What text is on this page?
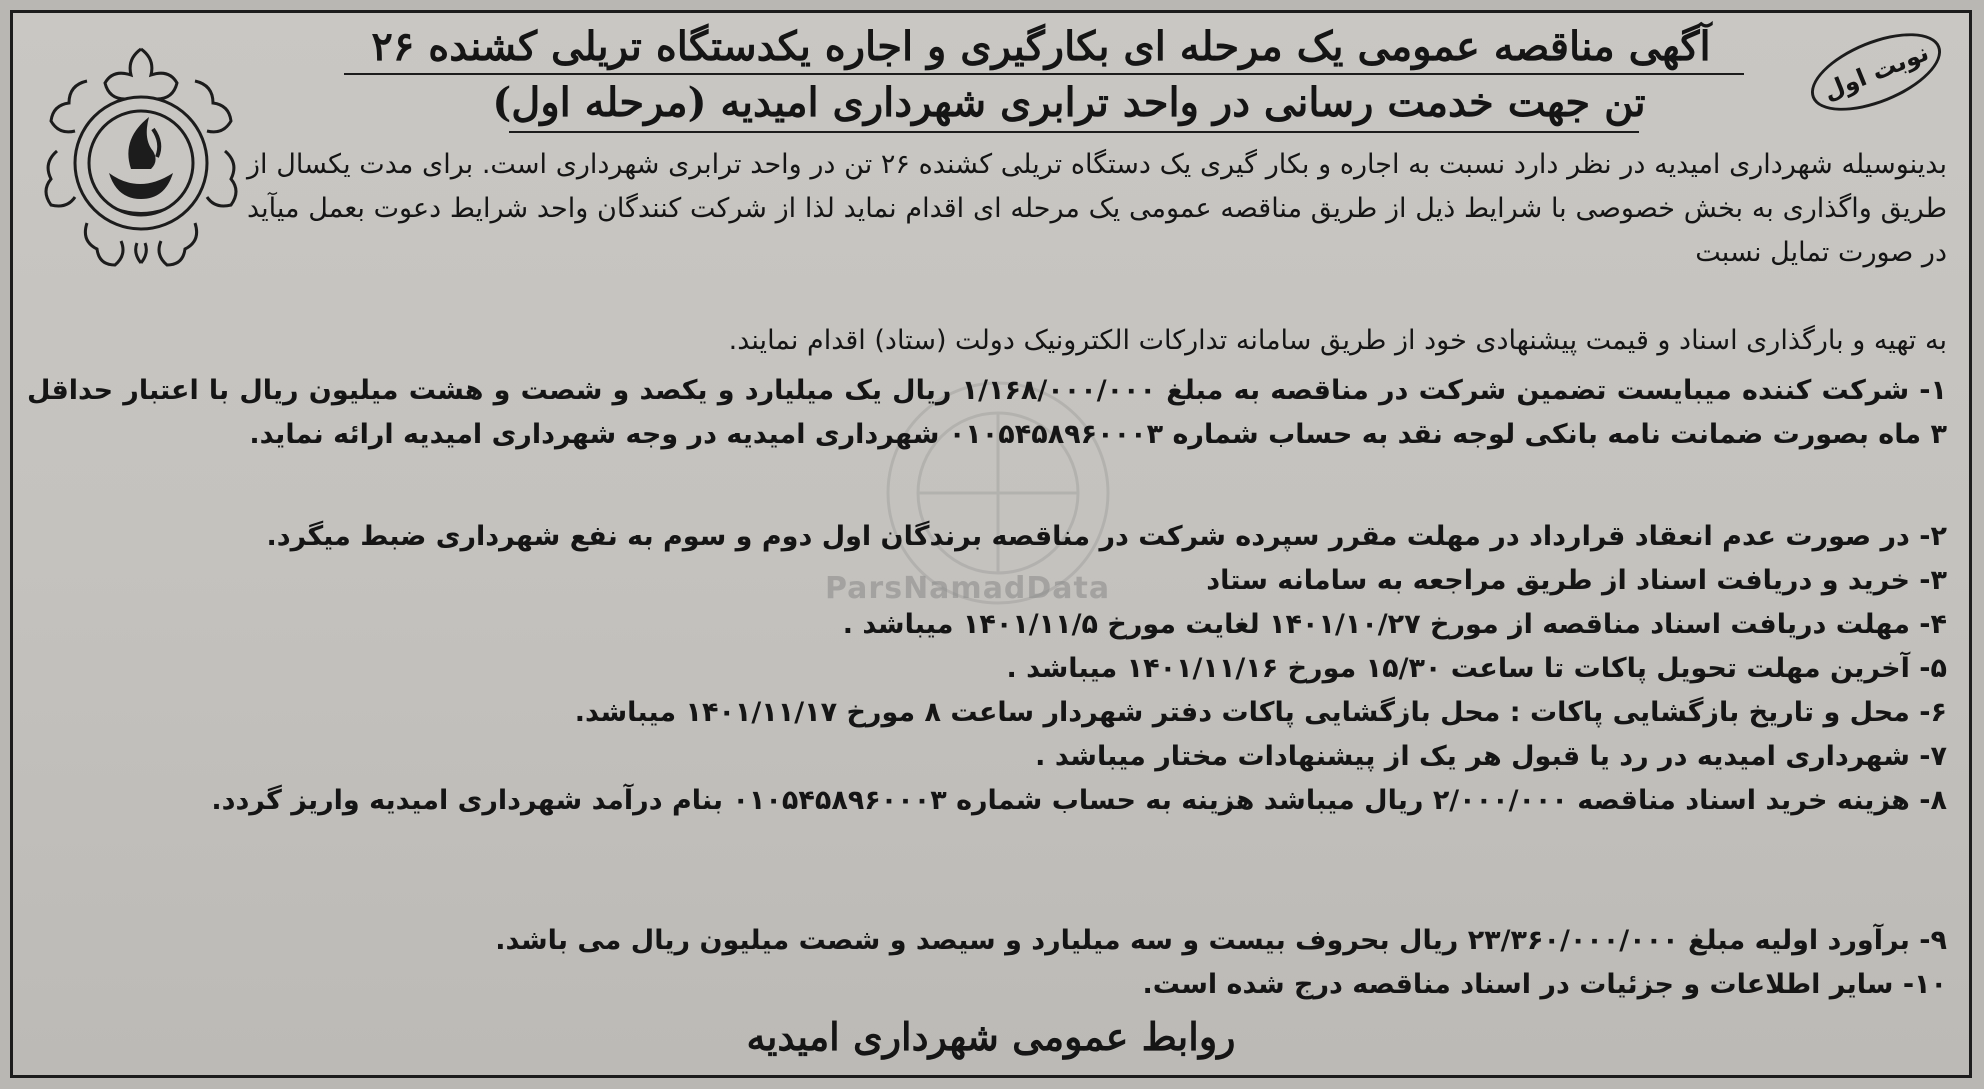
نوبت اول
آگهی مناقصه عمومی یک مرحله ای بکارگیری و اجاره یکدستگاه تریلی کشنده ۲۶
تن جهت خدمت رسانی در واحد ترابری شهرداری امیدیه (مرحله اول)
ParsNamadData
بدینوسیله شهرداری امیدیه در نظر دارد نسبت به اجاره و بکار گیری یک دستگاه تریلی کشنده ۲۶ تن در واحد ترابری شهرداری است. برای مدت یکسال از طریق واگذاری به بخش خصوصی با شرایط ذیل از طریق مناقصه عمومی یک مرحله ای اقدام نماید لذا از شرکت کنندگان واحد شرایط دعوت بعمل میآید در صورت تمایل نسبت
به تهیه و بارگذاری اسناد و قیمت پیشنهادی خود از طریق سامانه تدارکات الکترونیک دولت (ستاد) اقدام نمایند.
۱- شرکت کننده میبایست تضمین شرکت در مناقصه به مبلغ ۱/۱۶۸/۰۰۰/۰۰۰ ریال یک میلیارد و یکصد و شصت و هشت میلیون ریال با اعتبار حداقل ۳ ماه بصورت ضمانت نامه بانکی لوجه نقد به حساب شماره ۰۱۰۵۴۵۸۹۶۰۰۰۳ شهرداری امیدیه در وجه شهرداری امیدیه ارائه نماید.
۲- در صورت عدم انعقاد قرارداد در مهلت مقرر سپرده شرکت در مناقصه برندگان اول دوم و سوم به نفع شهرداری ضبط میگرد.
۳- خرید و دریافت اسناد از طریق مراجعه به سامانه ستاد
۴- مهلت دریافت اسناد مناقصه از مورخ ۱۴۰۱/۱۰/۲۷ لغایت مورخ ۱۴۰۱/۱۱/۵ میباشد .
۵- آخرین مهلت تحویل پاکات تا ساعت ۱۵/۳۰ مورخ ۱۴۰۱/۱۱/۱۶ میباشد .
۶- محل و تاریخ بازگشایی پاکات : محل بازگشایی پاکات دفتر شهردار ساعت ۸ مورخ ۱۴۰۱/۱۱/۱۷ میباشد.
۷- شهرداری امیدیه در رد یا قبول هر یک از پیشنهادات مختار میباشد .
۸- هزینه خرید اسناد مناقصه ۲/۰۰۰/۰۰۰ ریال میباشد هزینه به حساب شماره ۰۱۰۵۴۵۸۹۶۰۰۰۳ بنام درآمد شهرداری امیدیه واریز گردد.
۹- برآورد اولیه مبلغ ۲۳/۳۶۰/۰۰۰/۰۰۰ ریال بحروف بیست و سه میلیارد و سیصد و شصت میلیون ریال می باشد.
۱۰- سایر اطلاعات و جزئیات در اسناد مناقصه درج شده است.
روابط عمومی شهرداری امیدیه
